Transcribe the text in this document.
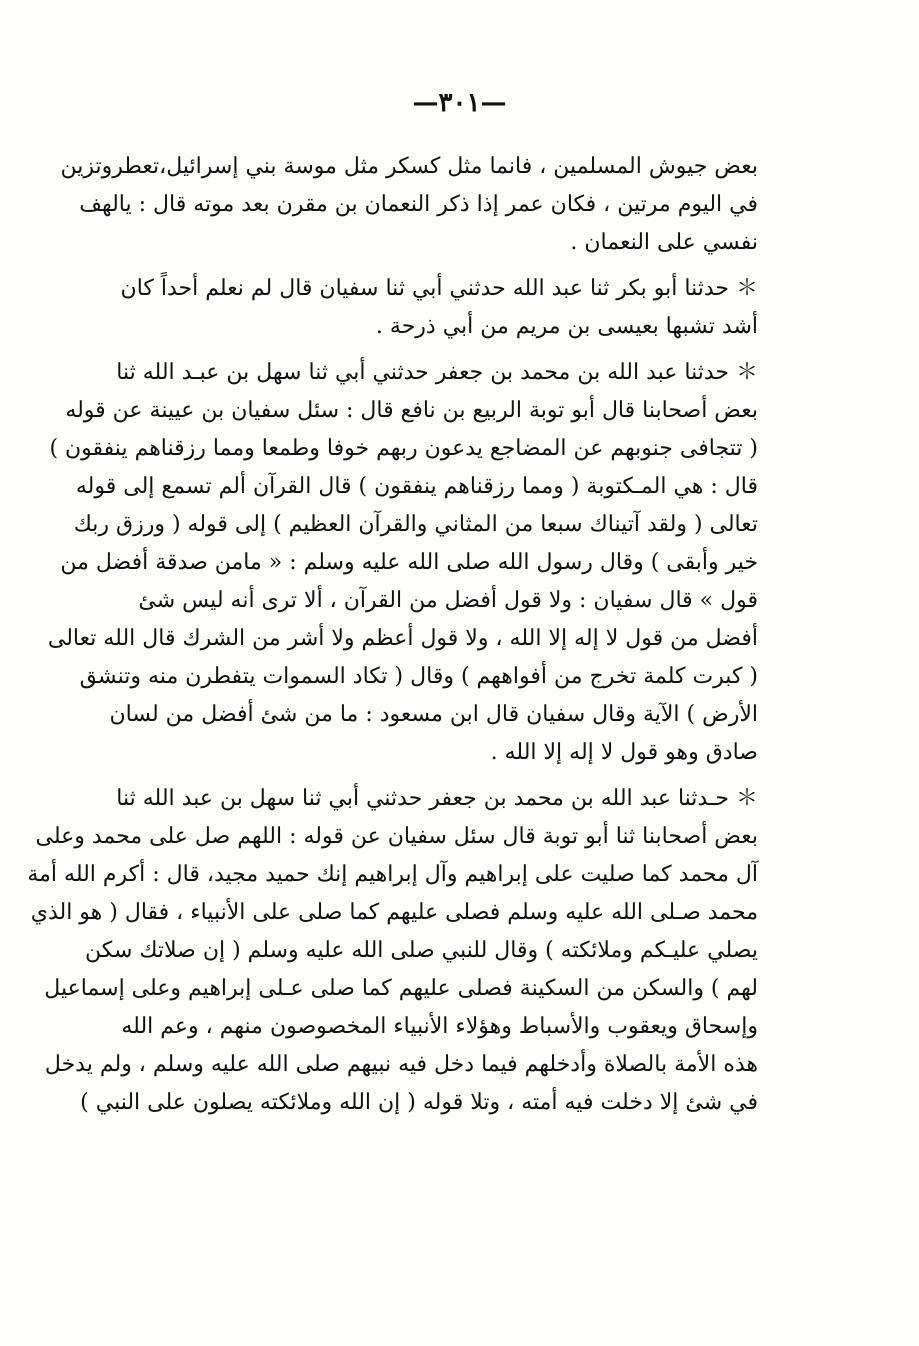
—٣٠١—
بعض جيوش المسلمين ، فانما مثل كسكر مثل موسة بني إسرائيل،تعطروتزين
في اليوم مرتين ، فكان عمر إذا ذكر النعمان بن مقرن بعد موته قال : يالهف
نفسي على النعمان .
＊ حدثنا أبو بكر ثنا عبد الله حدثني أبي ثنا سفيان قال لم نعلم أحداً كان
أشد تشبها بعيسى بن مريم من أبي ذرحة .
＊ حدثنا عبد الله بن محمد بن جعفر حدثني أبي ثنا سهل بن عبـد الله ثنا
بعض أصحابنا قال أبو توبة الربيع بن نافع قال : سئل سفيان بن عيينة عن قوله
( تتجافى جنوبهم عن المضاجع يدعون ربهم خوفا وطمعا ومما رزقناهم ينفقون )
قال : هي المـكتوبة ( ومما رزقناهم ينفقون ) قال القرآن ألم تسمع إلى قوله
تعالى ( ولقد آتيناك سبعا من المثاني والقرآن العظيم ) إلى قوله ( ورزق ربك
خير وأبقى ) وقال رسول الله صلى الله عليه وسلم : « مامن صدقة أفضل من
قول » قال سفيان : ولا قول أفضل من القرآن ، ألا ترى أنه ليس شئ
أفضل من قول لا إله إلا الله ، ولا قول أعظم ولا أشر من الشرك قال الله تعالى
( كبرت كلمة تخرج من أفواههم ) وقال ( تكاد السموات يتفطرن منه وتنشق
الأرض ) الآية وقال سفيان قال ابن مسعود : ما من شئ أفضل من لسان
صادق وهو قول لا إله إلا الله .
＊ حـدثنا عبد الله بن محمد بن جعفر حدثني أبي ثنا سهل بن عبد الله ثنا
بعض أصحابنا ثنا أبو توبة قال سئل سفيان عن قوله : اللهم صل على محمد وعلى
آل محمد كما صليت على إبراهيم وآل إبراهيم إنك حميد مجيد، قال : أكرم الله أمة
محمد صـلى الله عليه وسلم فصلى عليهم كما صلى على الأنبياء ، فقال ( هو الذي
يصلي عليـكم وملائكته ) وقال للنبي صلى الله عليه وسلم ( إن صلاتك سكن
لهم ) والسكن من السكينة فصلى عليهم كما صلى عـلى إبراهيم وعلى إسماعيل
وإسحاق ويعقوب والأسباط وهؤلاء الأنبياء المخصوصون منهم ، وعم الله
هذه الأمة بالصلاة وأدخلهم فيما دخل فيه نبيهم صلى الله عليه وسلم ، ولم يدخل
في شئ إلا دخلت فيه أمته ، وتلا قوله ( إن الله وملائكته يصلون على النبي )
